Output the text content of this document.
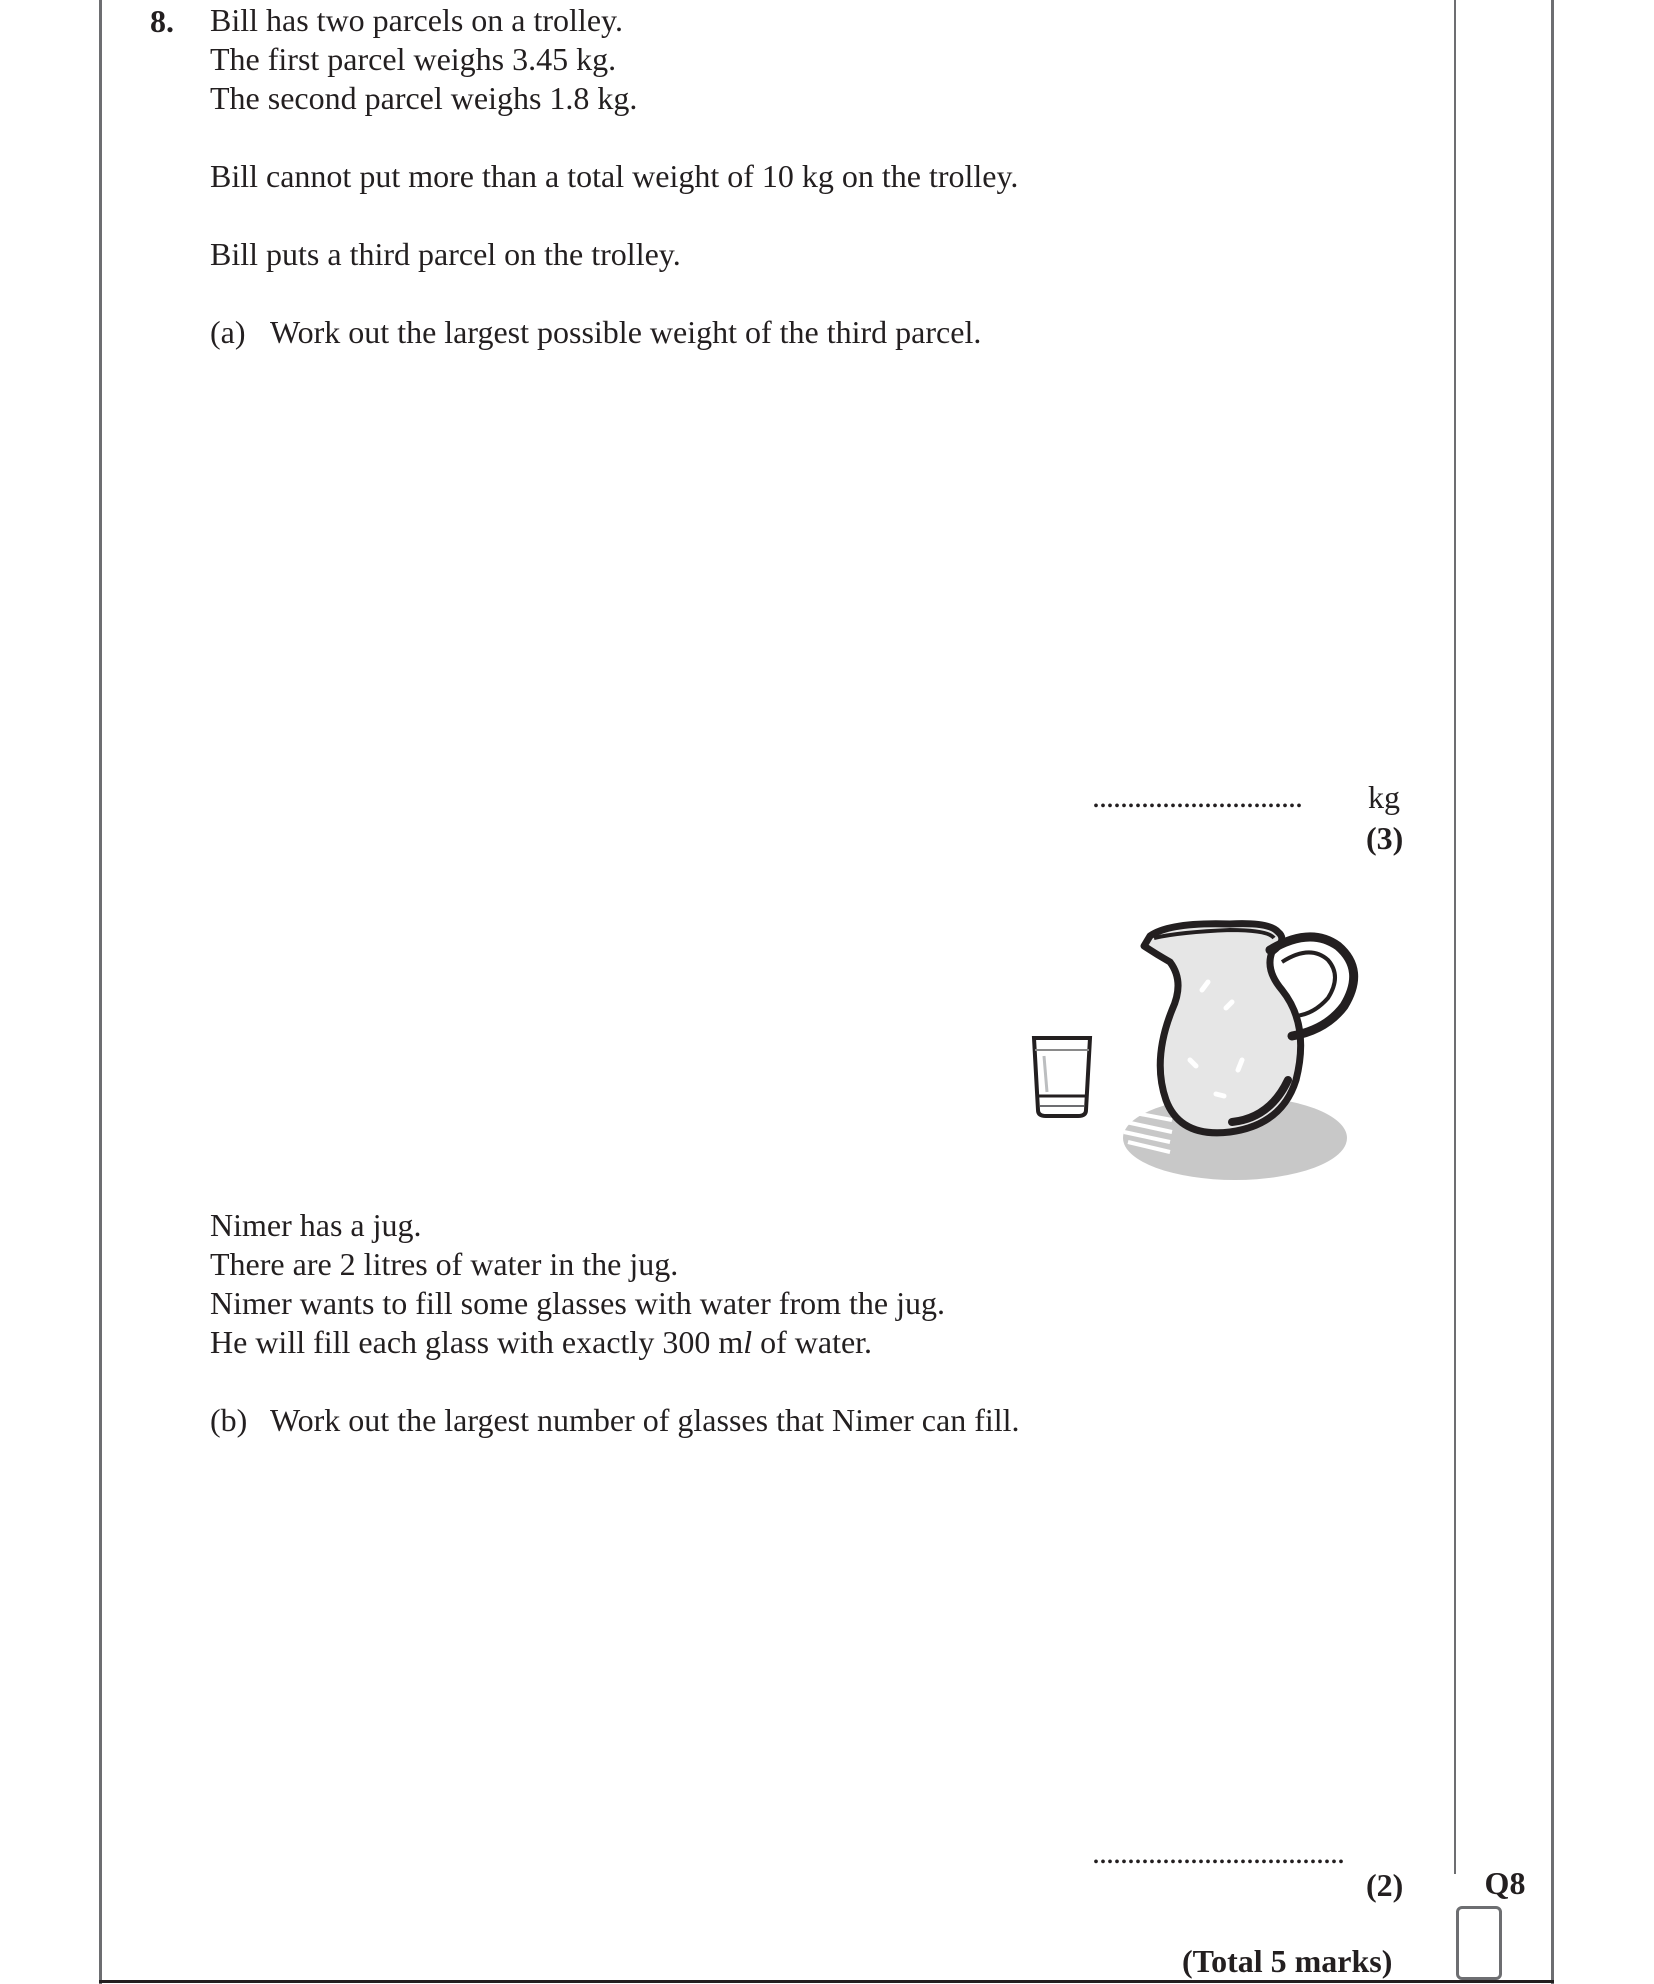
8. Bill has two parcels on a trolley.
The first parcel weighs 3.45 kg.
The second parcel weighs 1.8 kg.
Bill cannot put more than a total weight of 10 kg on the trolley.
Bill puts a third parcel on the trolley.
(a) Work out the largest possible weight of the third parcel.
.............................. kg
(3)
Nimer has a jug.
There are 2 litres of water in the jug.
Nimer wants to fill some glasses with water from the jug.
He will fill each glass with exactly 300 ml of water.
(b) Work out the largest number of glasses that Nimer can fill.
....................................
(2)	Q8
(Total 5 marks)
